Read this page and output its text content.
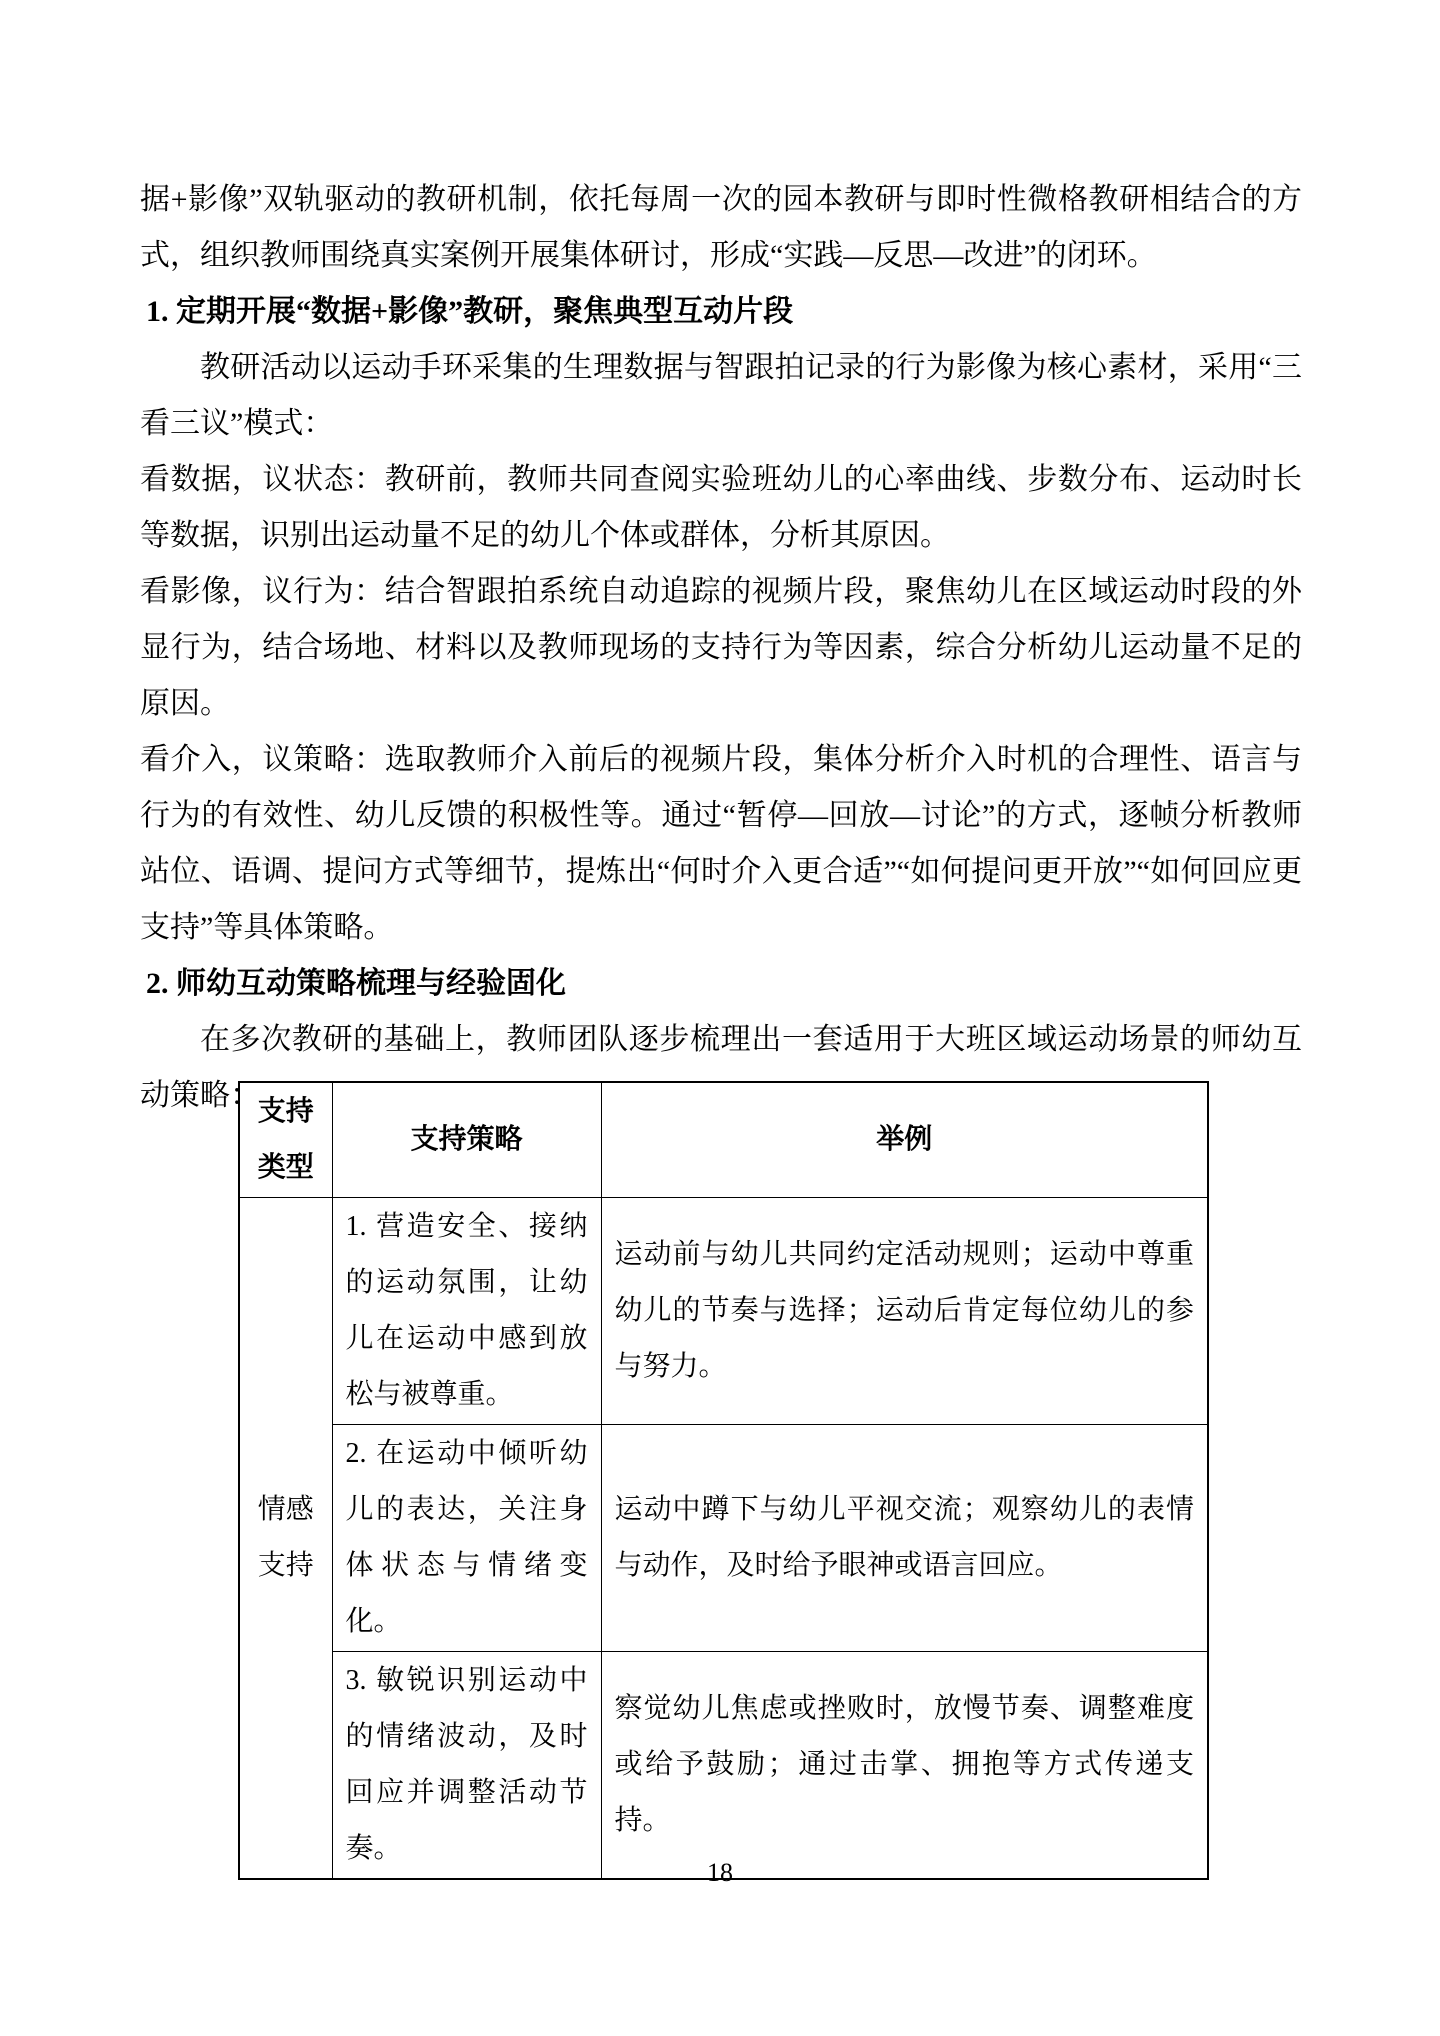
据+影像”双轨驱动的教研机制，依托每周一次的园本教研与即时性微格教研相结合的方式，组织教师围绕真实案例开展集体研讨，形成“实践—反思—改进”的闭环。

1. 定期开展“数据+影像”教研，聚焦典型互动片段

教研活动以运动手环采集的生理数据与智跟拍记录的行为影像为核心素材，采用“三看三议”模式：

看数据，议状态：教研前，教师共同查阅实验班幼儿的心率曲线、步数分布、运动时长等数据，识别出运动量不足的幼儿个体或群体，分析其原因。

看影像，议行为：结合智跟拍系统自动追踪的视频片段，聚焦幼儿在区域运动时段的外显行为，结合场地、材料以及教师现场的支持行为等因素，综合分析幼儿运动量不足的原因。

看介入，议策略：选取教师介入前后的视频片段，集体分析介入时机的合理性、语言与行为的有效性、幼儿反馈的积极性等。通过“暂停—回放—讨论”的方式，逐帧分析教师站位、语调、提问方式等细节，提炼出“何时介入更合适”“如何提问更开放”“如何回应更支持”等具体策略。

2. 师幼互动策略梳理与经验固化

在多次教研的基础上，教师团队逐步梳理出一套适用于大班区域运动场景的师幼互动策略：

支持类型	支持策略	举例
情感支持	1. 营造安全、接纳的运动氛围，让幼儿在运动中感到放松与被尊重。	运动前与幼儿共同约定活动规则；运动中尊重幼儿的节奏与选择；运动后肯定每位幼儿的参与努力。
	2. 在运动中倾听幼儿的表达，关注身体状态与情绪变化。	运动中蹲下与幼儿平视交流；观察幼儿的表情与动作，及时给予眼神或语言回应。
	3. 敏锐识别运动中的情绪波动，及时回应并调整活动节奏。	察觉幼儿焦虑或挫败时，放慢节奏、调整难度或给予鼓励；通过击掌、拥抱等方式传递支持。
18
